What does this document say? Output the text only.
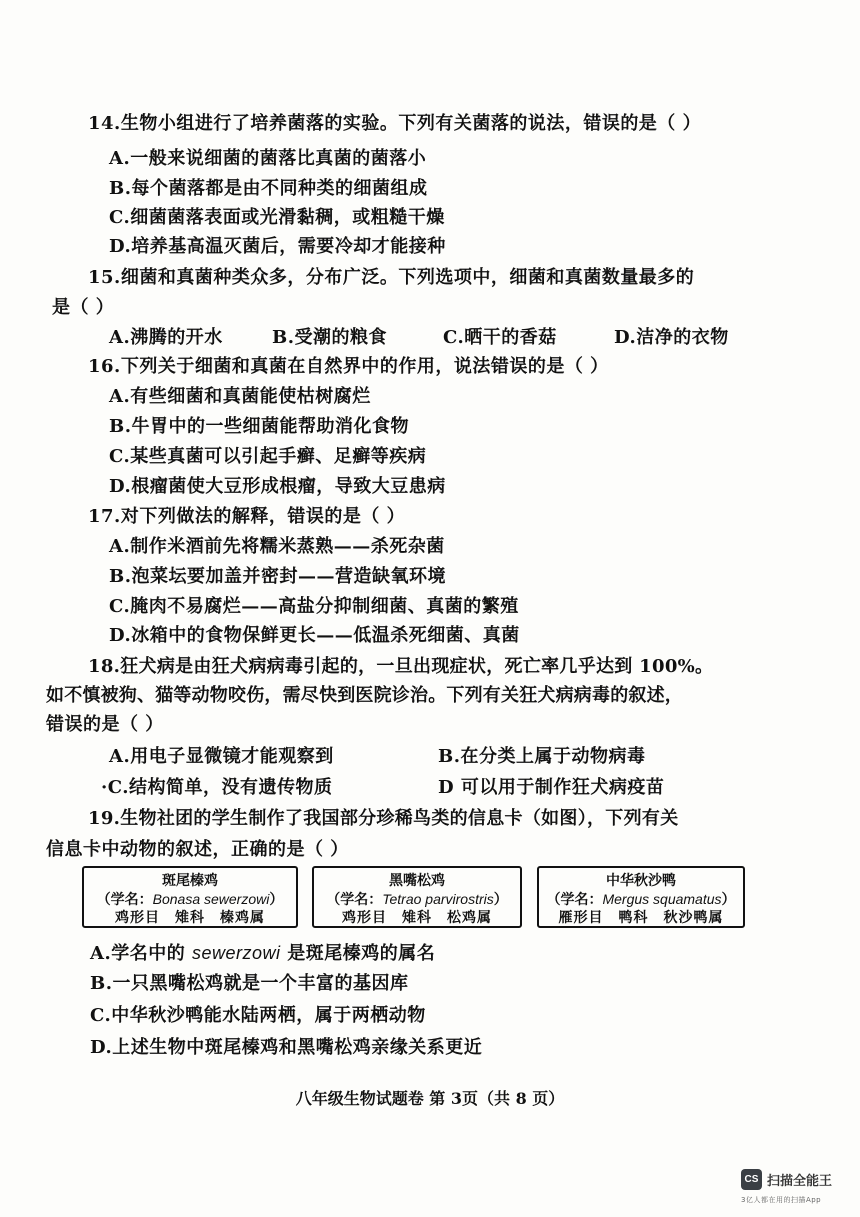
14.生物小组进行了培养菌落的实验。下列有关菌落的说法，错误的是（ ）
A.一般来说细菌的菌落比真菌的菌落小
B.每个菌落都是由不同种类的细菌组成
C.细菌菌落表面或光滑黏稠，或粗糙干燥
D.培养基高温灭菌后，需要冷却才能接种
15.细菌和真菌种类众多，分布广泛。下列选项中，细菌和真菌数量最多的
是（ ）
A.沸腾的开水	B.受潮的粮食	C.晒干的香菇	D.洁净的衣物
16.下列关于细菌和真菌在自然界中的作用，说法错误的是（ ）
A.有些细菌和真菌能使枯树腐烂
B.牛胃中的一些细菌能帮助消化食物
C.某些真菌可以引起手癣、足癣等疾病
D.根瘤菌使大豆形成根瘤，导致大豆患病
17.对下列做法的解释，错误的是（ ）
A.制作米酒前先将糯米蒸熟——杀死杂菌
B.泡菜坛要加盖并密封——营造缺氧环境
C.腌肉不易腐烂——高盐分抑制细菌、真菌的繁殖
D.冰箱中的食物保鲜更长——低温杀死细菌、真菌
18.狂犬病是由狂犬病病毒引起的，一旦出现症状，死亡率几乎达到 100%。
如不慎被狗、猫等动物咬伤，需尽快到医院诊治。下列有关狂犬病病毒的叙述，
错误的是（ ）
A.用电子显微镜才能观察到	B.在分类上属于动物病毒
·C.结构简单，没有遗传物质	D 可以用于制作狂犬病疫苗
19.生物社团的学生制作了我国部分珍稀鸟类的信息卡（如图），下列有关
信息卡中动物的叙述，正确的是（ ）
斑尾榛鸡
（学名：Bonasa sewerzowi）
鸡形目　雉科　榛鸡属
黑嘴松鸡
（学名：Tetrao parvirostris）
鸡形目　雉科　松鸡属
中华秋沙鸭
（学名：Mergus squamatus）
雁形目　鸭科　秋沙鸭属
A.学名中的 sewerzowi 是斑尾榛鸡的属名
B.一只黑嘴松鸡就是一个丰富的基因库
C.中华秋沙鸭能水陆两栖，属于两栖动物
D.上述生物中斑尾榛鸡和黑嘴松鸡亲缘关系更近
八年级生物试题卷 第 3页（共 8 页）
CS 扫描全能王
3亿人都在用的扫描App
